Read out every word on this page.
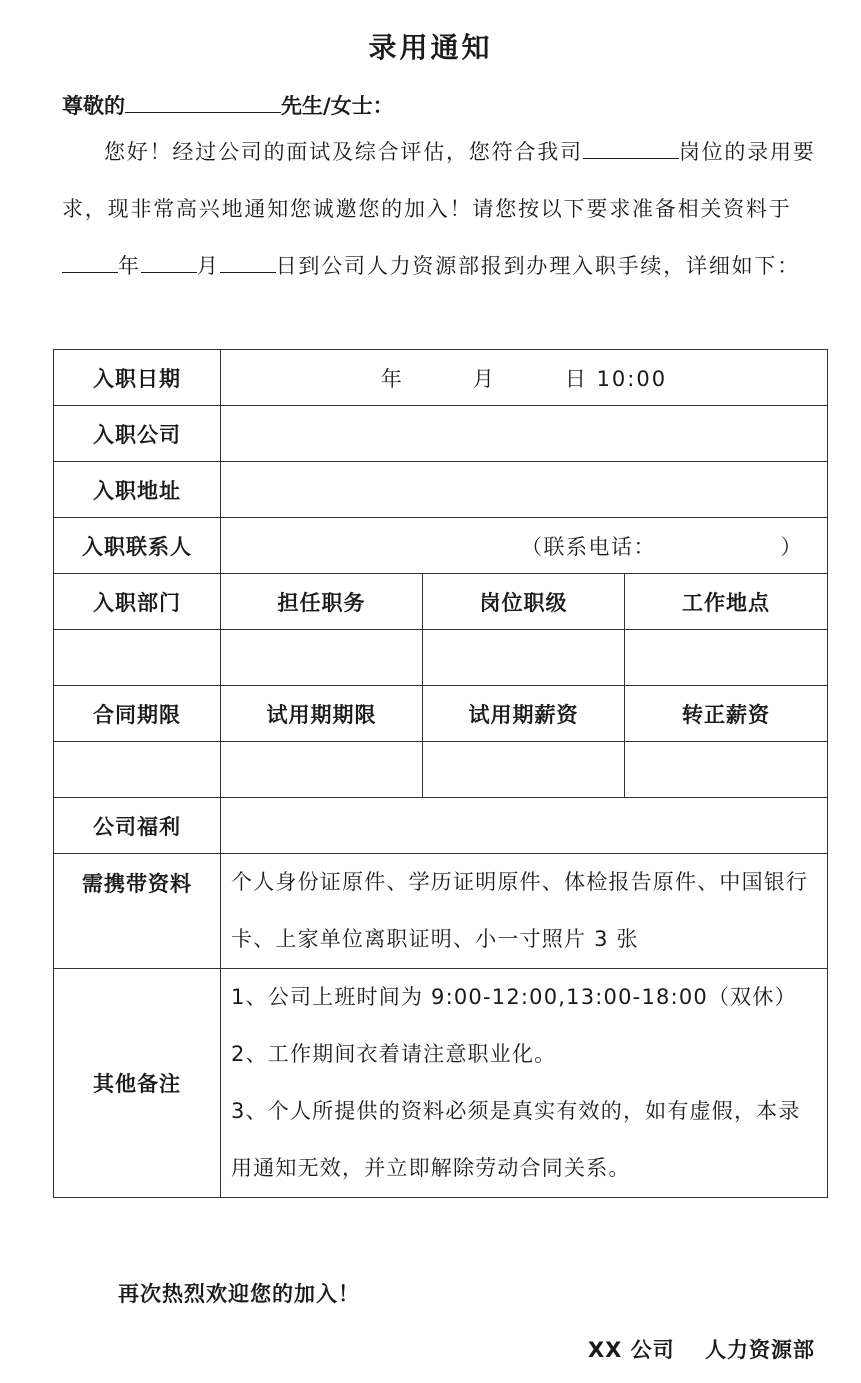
录用通知

尊敬的	先生/女士：

您好！经过公司的面试及综合评估，您符合我司	岗位的录用要求，现非常高兴地通知您诚邀您的加入！请您按以下要求准备相关资料于年	月	日到公司人力资源部报到办理入职手续，详细如下：

入职日期	年　　　月　　　日 10:00		
入职公司			
入职地址			
入职联系人	（联系电话：　　　　　　）		
入职部门	担任职务	岗位职级	工作地点

合同期限	试用期期限	试用期薪资	转正薪资

公司福利			
需携带资料	个人身份证原件、学历证明原件、体检报告原件、中国银行卡、上家单位离职证明、小一寸照片 3 张		
其他备注	1、公司上班时间为 9:00-12:00,13:00-18:00（双休）

2、工作期间衣着请注意职业化。

3、个人所提供的资料必须是真实有效的，如有虚假，本录用通知无效，并立即解除劳动合同关系。		

再次热烈欢迎您的加入！

XX 公司　 人力资源部
